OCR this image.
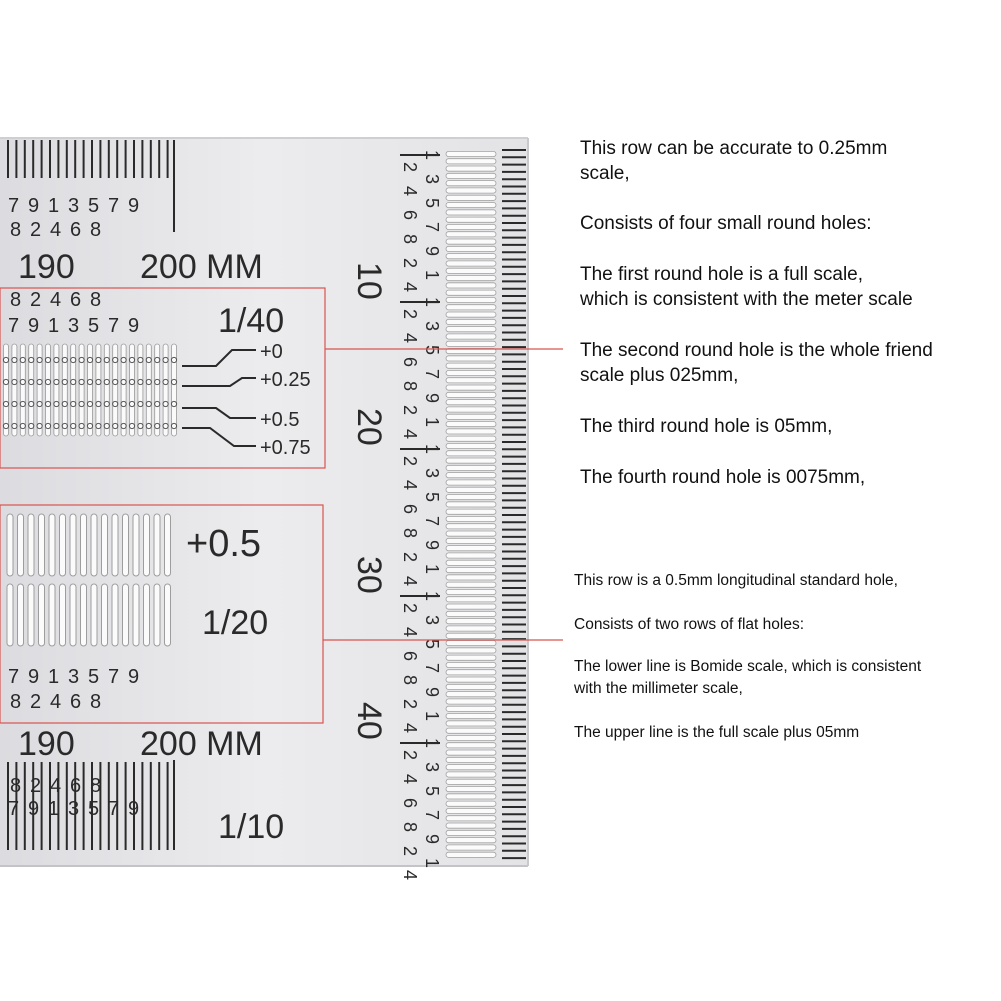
1
2
3
4
5
6
7
8
9
2
1
4
1
2
3
4
5
6
7
8
9
2
1
4
1
2
3
4
5
6
7
8
9
2
1
4
1
2
3
4
5
6
7
8
9
2
1
4
1
2
3
4
5
6
7
8
9
2
1
4
7 9 1 3 5 7 9
8 2 4 6 8
8 2 4 6 8
7 9 1 3 5 7 9
7 9 1 3 5 7 9
8 2 4 6 8
8 2 4 6 8
7 9 1 3 5 7 9
190 200 MM
190 200 MM
1/40
+0.5
1/20
1/10
+0
+0.25
+0.5
+0.75
10
20
30
40

This row can be accurate to 0.25mm
scale,

Consists of four small round holes:

The first round hole is a full scale,
which is consistent with the meter scale

The second round hole is the whole friend
scale plus 025mm,

The third round hole is 05mm,

The fourth round hole is 0075mm,

This row is a 0.5mm longitudinal standard hole,

Consists of two rows of flat holes:

The lower line is Bomide scale, which is consistent
with the millimeter scale,

The upper line is the full scale plus 05mm
